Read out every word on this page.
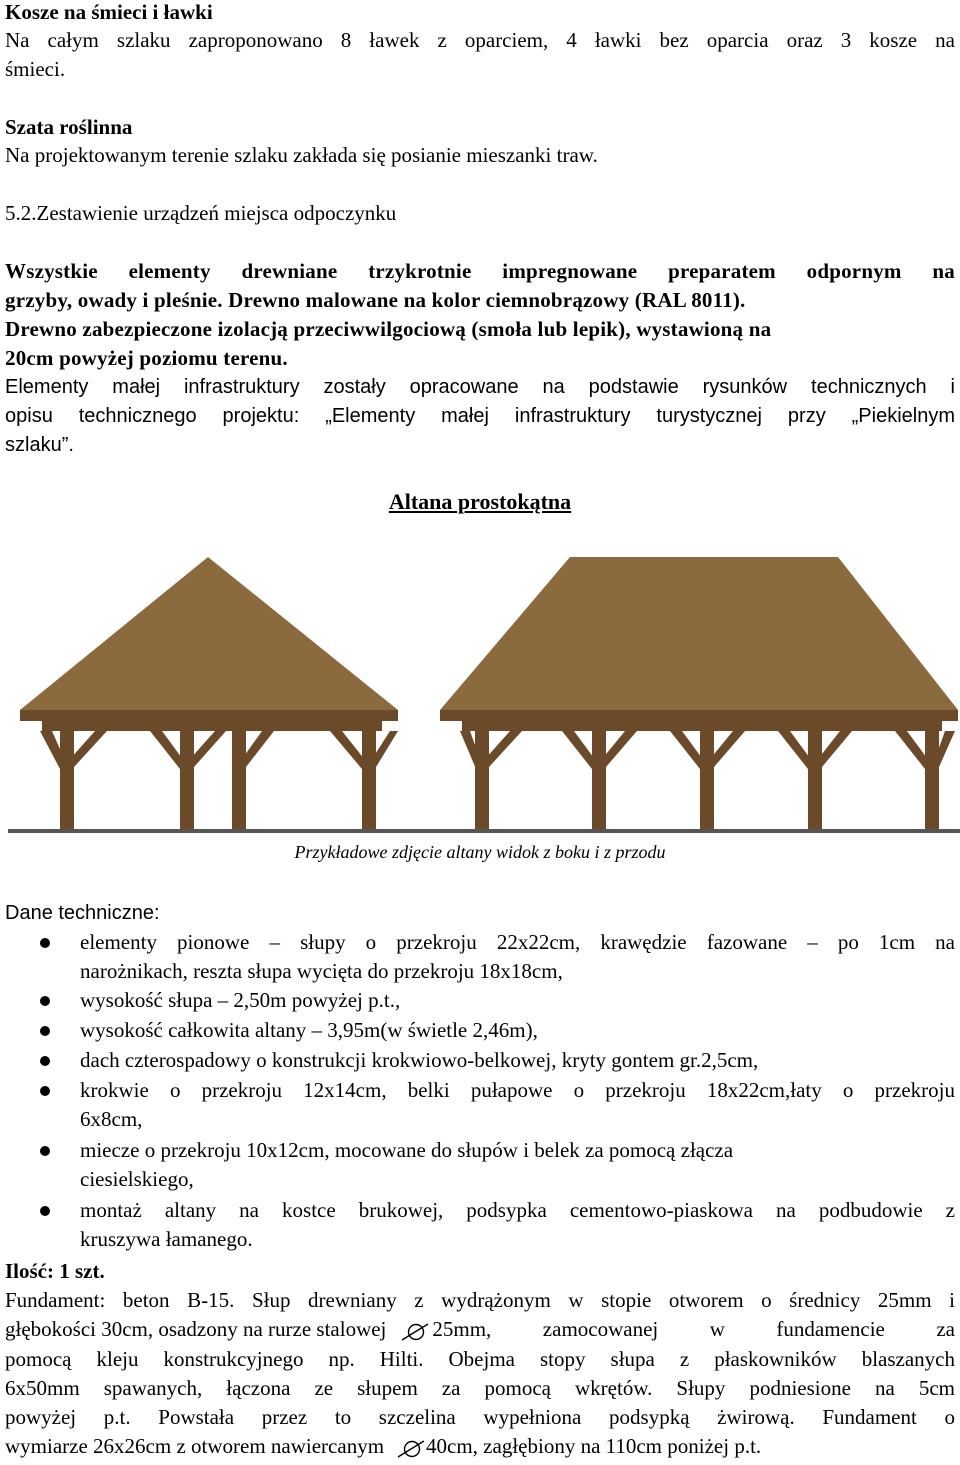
Kosze na śmieci i ławki
Na całym szlaku zaproponowano 8 ławek z oparciem, 4 ławki bez oparcia oraz 3 kosze na
śmieci.
Szata roślinna
Na projektowanym terenie szlaku zakłada się posianie mieszanki traw.
5.2.Zestawienie urządzeń miejsca odpoczynku
Wszystkie elementy drewniane trzykrotnie impregnowane preparatem odpornym na
grzyby, owady i pleśnie. Drewno malowane na kolor ciemnobrązowy (RAL 8011).
Drewno zabezpieczone izolacją przeciwwilgociową (smoła lub lepik), wystawioną na
20cm powyżej poziomu terenu.
Elementy małej infrastruktury zostały opracowane na podstawie rysunków technicznych i
opisu technicznego projektu: „Elementy małej infrastruktury turystycznej przy „Piekielnym
szlaku”.
Altana prostokątna
Przykładowe zdjęcie altany widok z boku i z przodu
Dane techniczne:
elementy pionowe – słupy o przekroju 22x22cm, krawędzie fazowane – po 1cm na
narożnikach, reszta słupa wycięta do przekroju 18x18cm,
wysokość słupa – 2,50m powyżej p.t.,
wysokość całkowita altany – 3,95m(w świetle 2,46m),
dach czterospadowy o konstrukcji krokwiowo-belkowej, kryty gontem gr.2,5cm,
krokwie o przekroju 12x14cm, belki pułapowe o przekroju 18x22cm,łaty o przekroju
6x8cm,
miecze o przekroju 10x12cm, mocowane do słupów i belek za pomocą złącza
ciesielskiego,
montaż altany na kostce brukowej, podsypka cementowo-piaskowa na podbudowie z
kruszywa łamanego.
Ilość: 1 szt.
Fundament: beton B-15. Słup drewniany z wydrążonym w stopie otworem o średnicy 25mm i
głębokości 30cm, osadzony na rurze stalowej 25mm, zamocowanej w fundamencie za
pomocą kleju konstrukcyjnego np. Hilti. Obejma stopy słupa z płaskowników blaszanych
6x50mm spawanych, łączona ze słupem za pomocą wkrętów. Słupy podniesione na 5cm
powyżej p.t. Powstała przez to szczelina wypełniona podsypką żwirową. Fundament o
wymiarze 26x26cm z otworem nawiercanym 40cm, zagłębiony na 110cm poniżej p.t.
